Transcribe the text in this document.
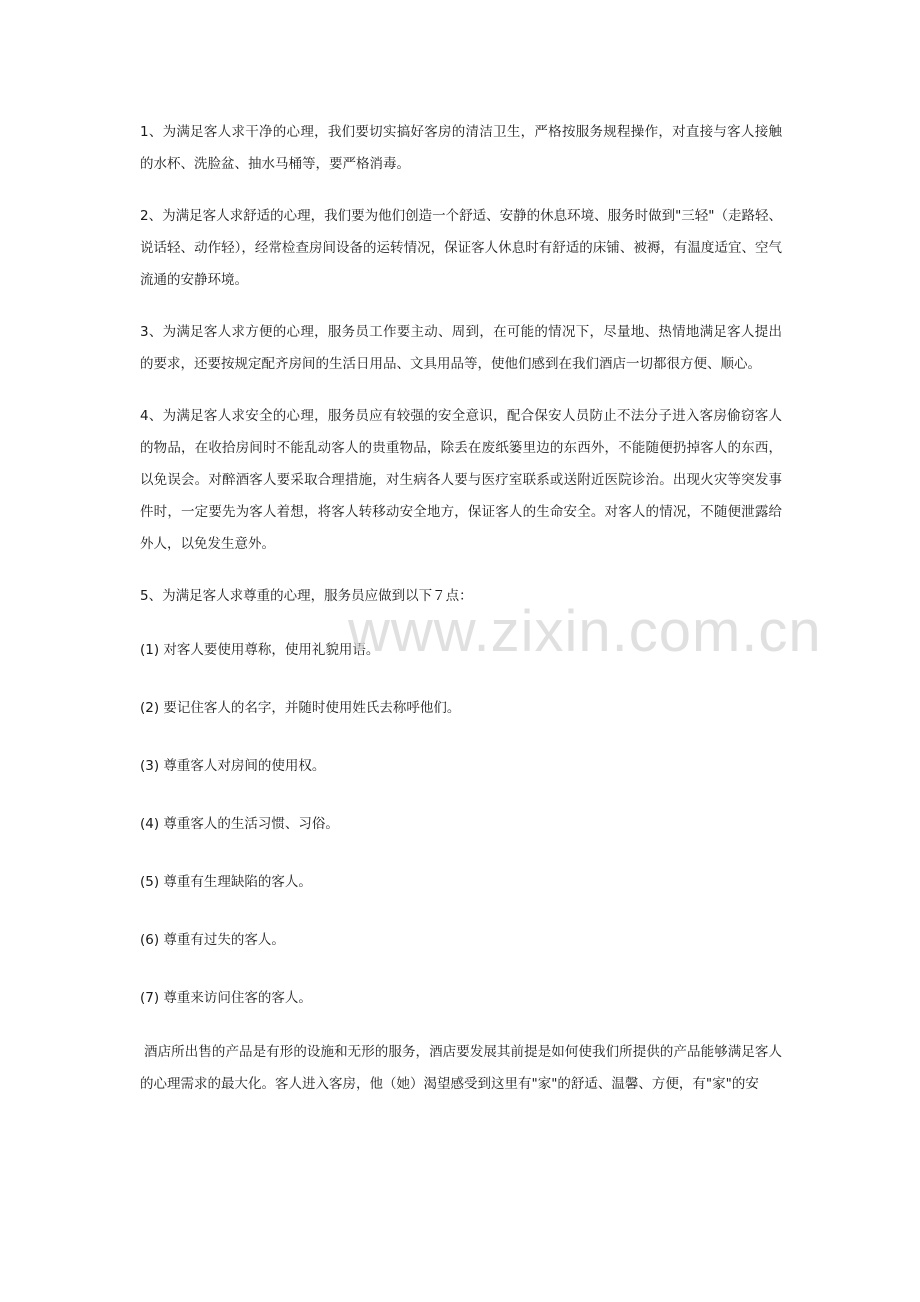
1、为满足客人求干净的心理，我们要切实搞好客房的清洁卫生，严格按服务规程操作，对直接与客人接触的水杯、洗脸盆、抽水马桶等，要严格消毒。

2、为满足客人求舒适的心理，我们要为他们创造一个舒适、安静的休息环境、服务时做到"三轻"（走路轻、说话轻、动作轻），经常检查房间设备的运转情况，保证客人休息时有舒适的床铺、被褥，有温度适宜、空气流通的安静环境。

3、为满足客人求方便的心理，服务员工作要主动、周到，在可能的情况下，尽量地、热情地满足客人提出的要求，还要按规定配齐房间的生活日用品、文具用品等，使他们感到在我们酒店一切都很方便、顺心。

4、为满足客人求安全的心理，服务员应有较强的安全意识，配合保安人员防止不法分子进入客房偷窃客人的物品，在收拾房间时不能乱动客人的贵重物品，除丢在废纸篓里边的东西外，不能随便扔掉客人的东西，以免误会。对醉酒客人要采取合理措施，对生病各人要与医疗室联系或送附近医院诊治。出现火灾等突发事件时，一定要先为客人着想，将客人转移动安全地方，保证客人的生命安全。对客人的情况，不随便泄露给外人，以免发生意外。

5、为满足客人求尊重的心理，服务员应做到以下７点：

(1) 对客人要使用尊称，使用礼貌用语。

(2) 要记住客人的名字，并随时使用姓氏去称呼他们。

(3) 尊重客人对房间的使用权。

(4) 尊重客人的生活习惯、习俗。

(5) 尊重有生理缺陷的客人。

(6) 尊重有过失的客人。

(7) 尊重来访问住客的客人。

酒店所出售的产品是有形的设施和无形的服务，酒店要发展其前提是如何使我们所提供的产品能够满足客人的心理需求的最大化。客人进入客房，他（她）渴望感受到这里有"家"的舒适、温馨、方便，有"家"的安

www.zixin.com.cn
